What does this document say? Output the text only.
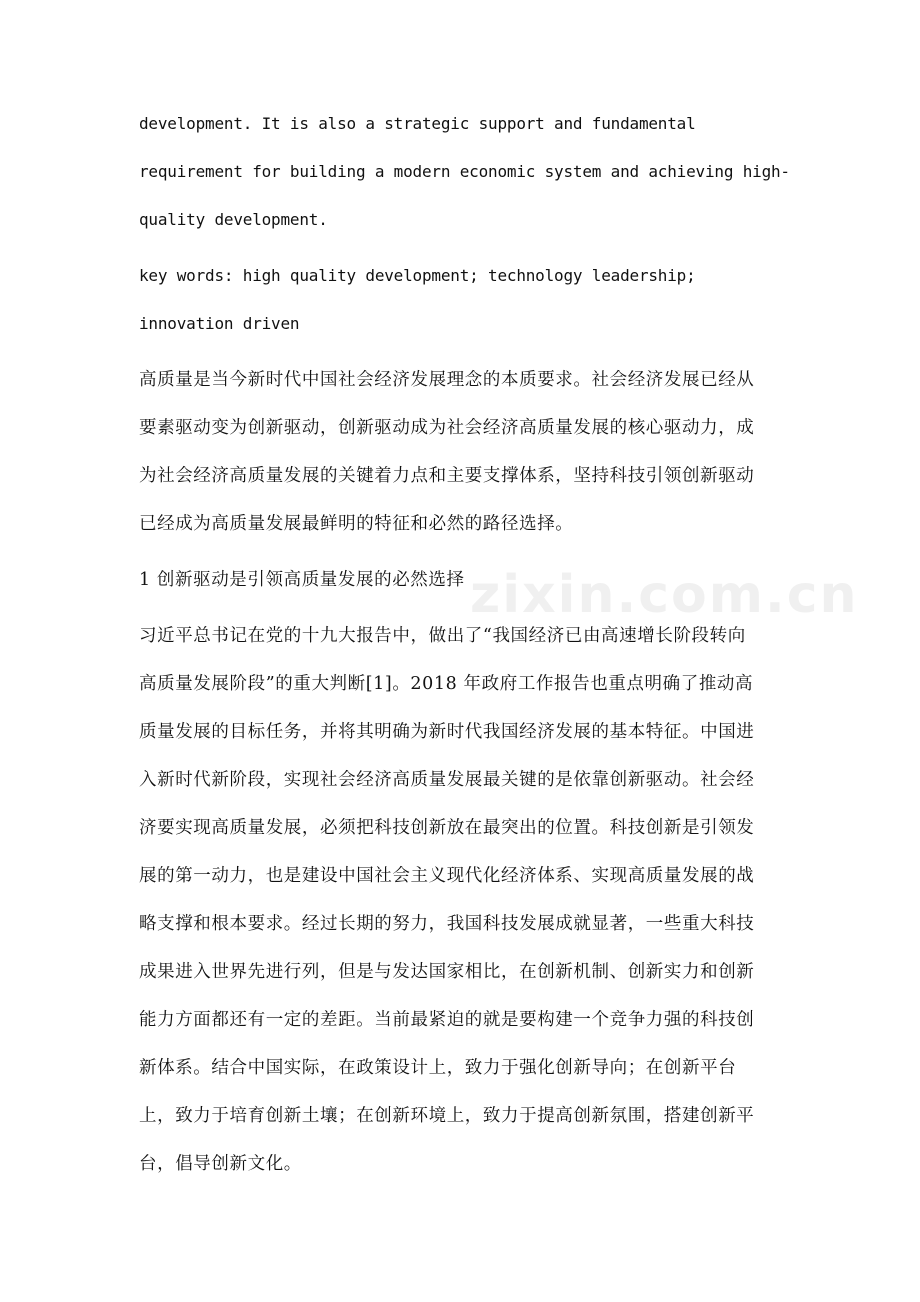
development. It is also a strategic support and fundamental
requirement for building a modern economic system and achieving high-
quality development.
key words: high quality development; technology leadership;
innovation driven
高质量是当今新时代中国社会经济发展理念的本质要求。社会经济发展已经从
要素驱动变为创新驱动，创新驱动成为社会经济高质量发展的核心驱动力，成
为社会经济高质量发展的关键着力点和主要支撑体系，坚持科技引领创新驱动
已经成为高质量发展最鲜明的特征和必然的路径选择。
1 创新驱动是引领高质量发展的必然选择
习近平总书记在党的十九大报告中，做出了“我国经济已由高速增长阶段转向
高质量发展阶段”的重大判断[1]。2018 年政府工作报告也重点明确了推动高
质量发展的目标任务，并将其明确为新时代我国经济发展的基本特征。中国进
入新时代新阶段，实现社会经济高质量发展最关键的是依靠创新驱动。社会经
济要实现高质量发展，必须把科技创新放在最突出的位置。科技创新是引领发
展的第一动力，也是建设中国社会主义现代化经济体系、实现高质量发展的战
略支撑和根本要求。经过长期的努力，我国科技发展成就显著，一些重大科技
成果进入世界先进行列，但是与发达国家相比，在创新机制、创新实力和创新
能力方面都还有一定的差距。当前最紧迫的就是要构建一个竞争力强的科技创
新体系。结合中国实际，在政策设计上，致力于强化创新导向；在创新平台
上，致力于培育创新土壤；在创新环境上，致力于提高创新氛围，搭建创新平
台，倡导创新文化。
zixin.com.cn
